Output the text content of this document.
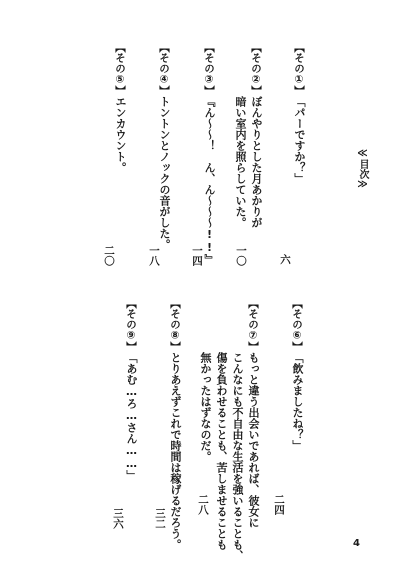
≪目次≫
【その①】
「パーですか？」
六
【その②】
ぼんやりとした月あかりが
暗い室内を照らしていた。
一〇
【その③】
『ん〜〜！　ん、ん〜〜〜!!』
一四
【その④】
トントンとノックの音がした。
一八
【その⑤】
エンカウント。
二〇
【その⑥】
「飲みましたね？」
二四
【その⑦】
もっと違う出会いであれば、彼女に
こんなにも不自由な生活を強いることも、
傷を負わせることも、苦しませることも
無かったはずなのだ。
二八
【その⑧】
とりあえずこれで時間は稼げるだろう。
三二
【その⑨】
「あむ…ろ…さん……」
三六
4
